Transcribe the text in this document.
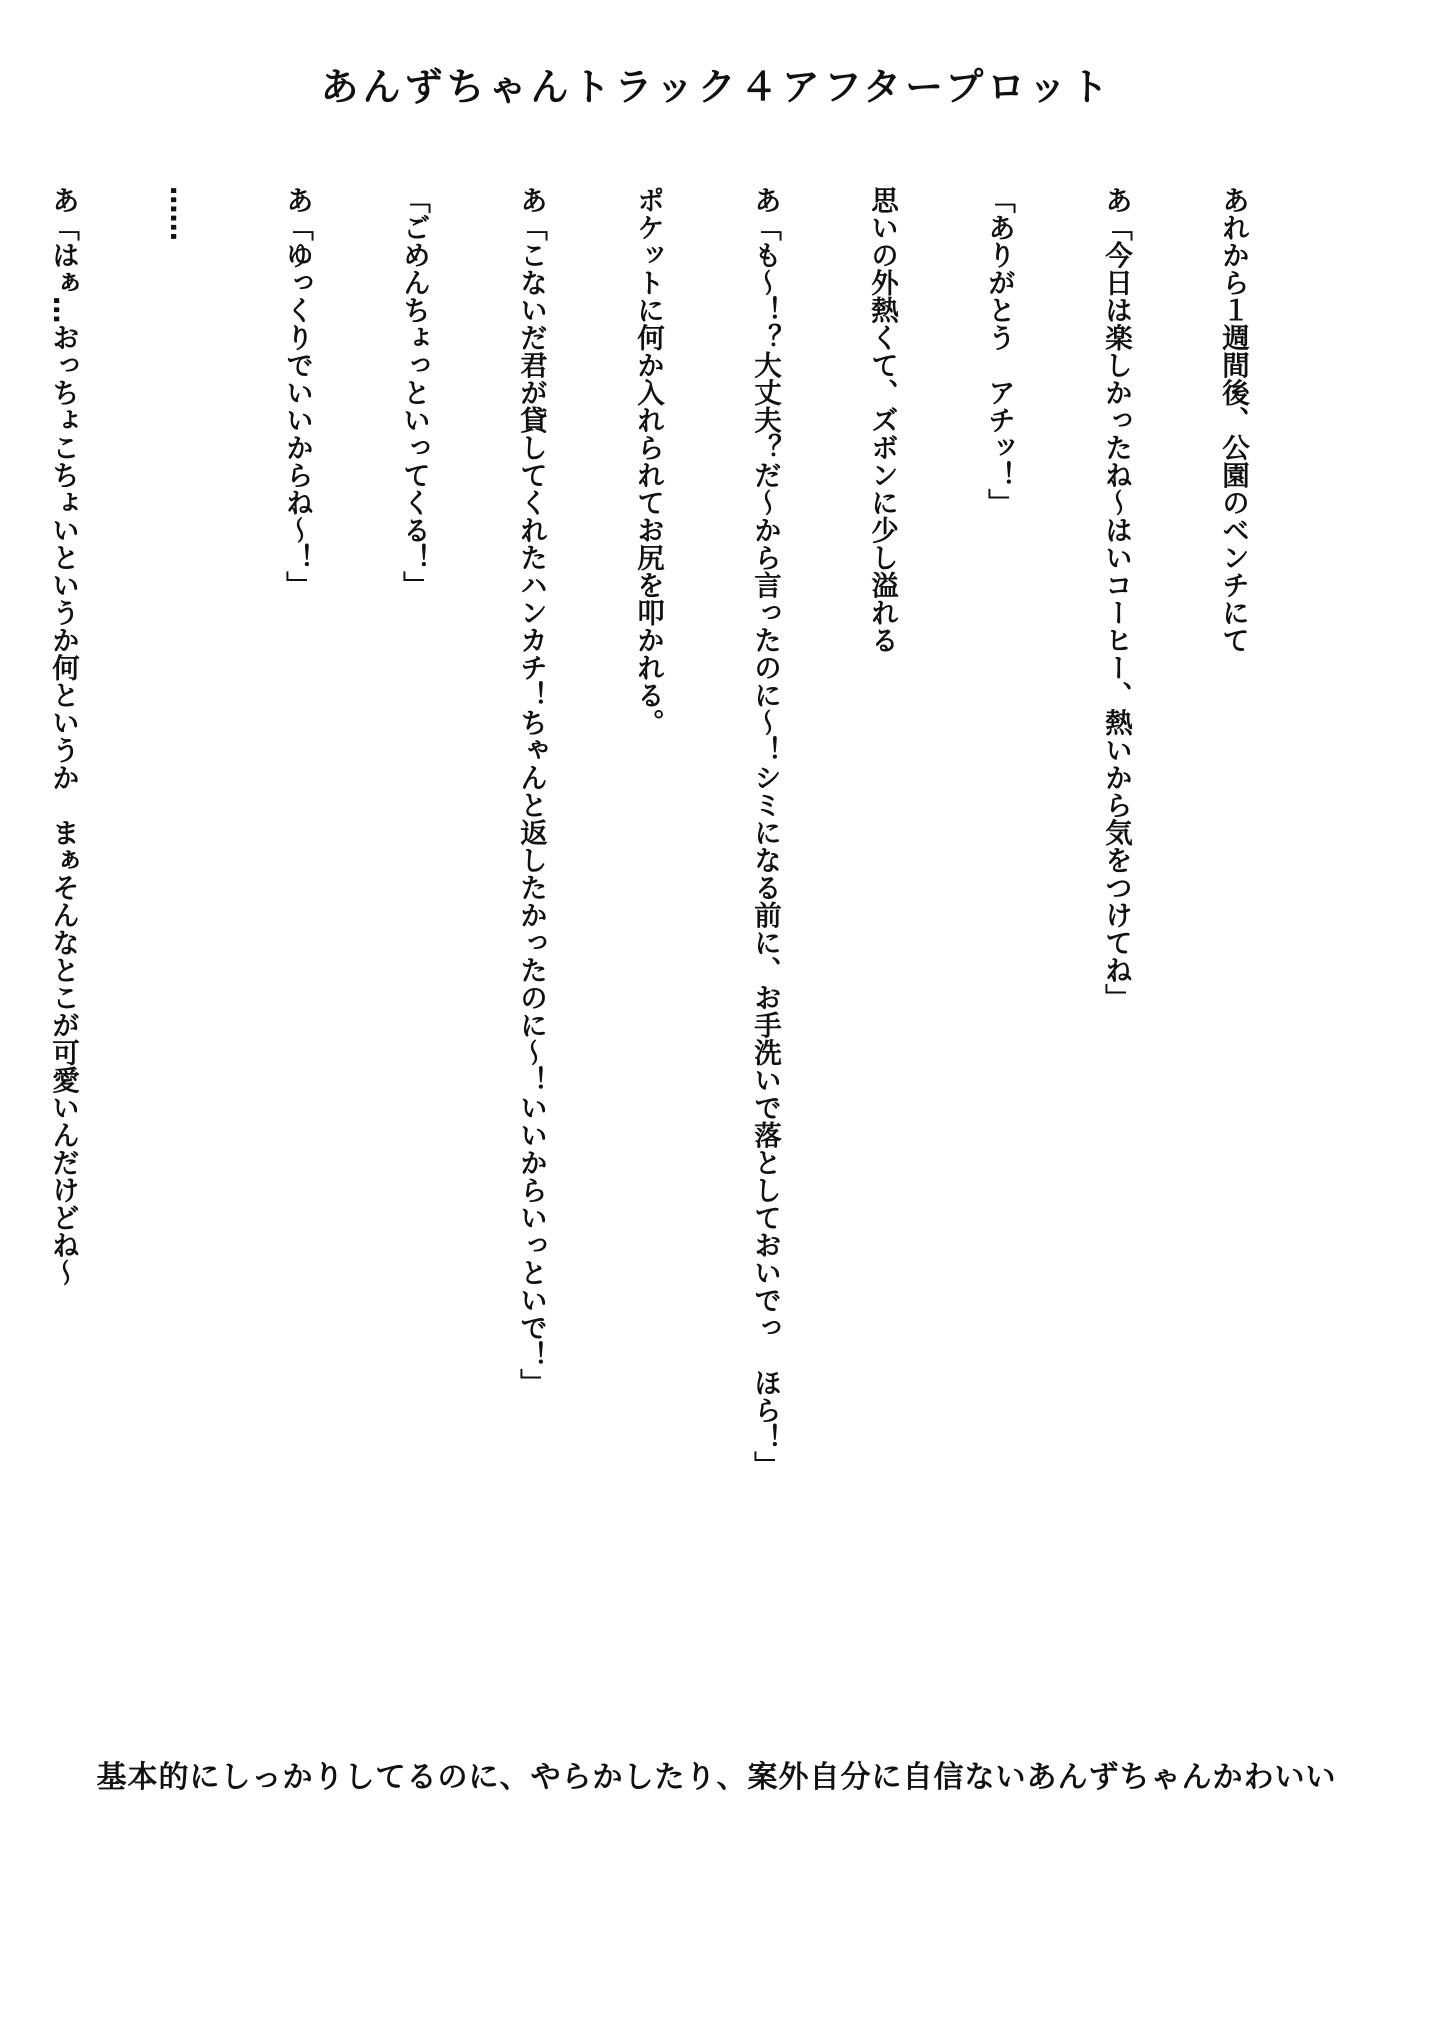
あんずちゃんトラック４アフタープロット

あれから１週間後、公園のベンチにて

あ「今日は楽しかったね～はいコーヒー、熱いから気をつけてね」

「ありがとう　アチッ！」

思いの外熱くて、ズボンに少し溢れる

あ「も～！？大丈夫？だ～から言ったのに～！シミになる前に、お手洗いで落としておいでっ　ほら！」

ポケットに何か入れられてお尻を叩かれる。

あ「こないだ君が貸してくれたハンカチ！ちゃんと返したかったのに～！いいからいっといで！」

「ごめんちょっといってくる！」

あ「ゆっくりでいいからね～！」

……

あ「はぁ…おっちょこちょいというか何というか　まぁそんなとこが可愛いんだけどね～

基本的にしっかりしてるのに、やらかしたり、案外自分に自信ないあんずちゃんかわいい
